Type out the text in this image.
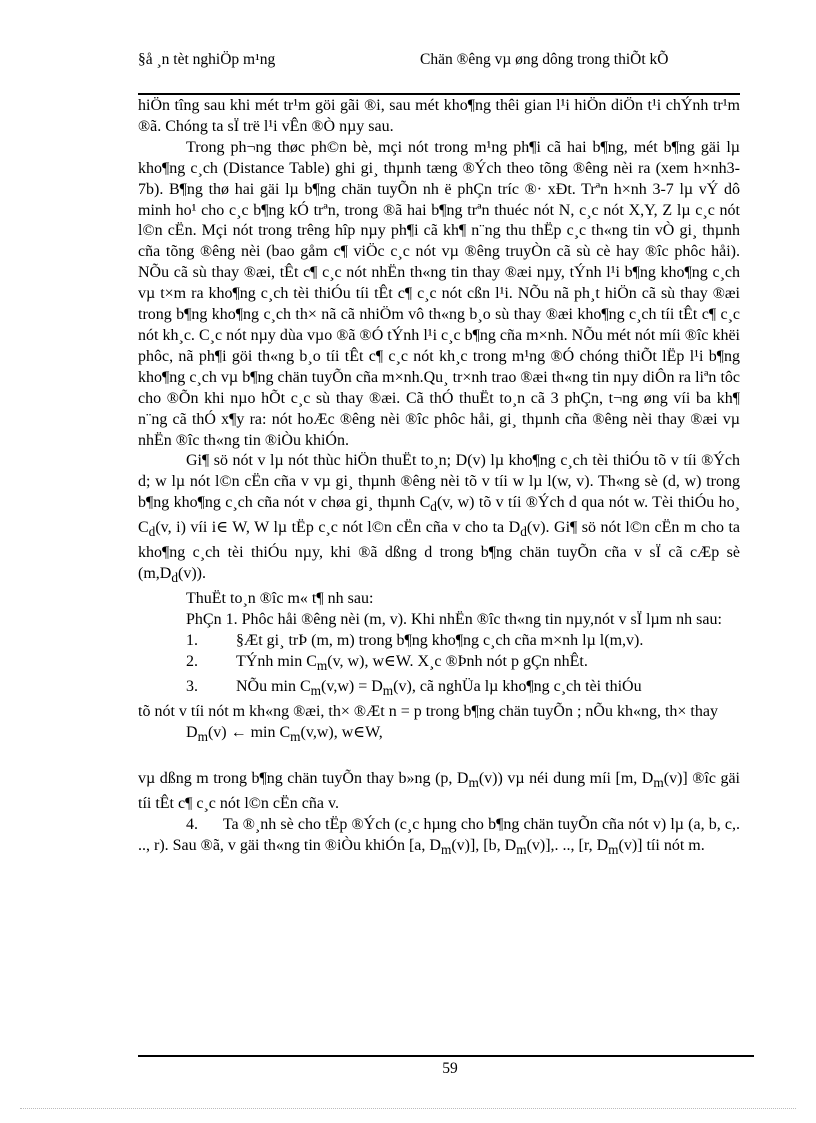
§å ¸n tèt nghiÖp m¹ng	Chän ®êng vµ øng dông trong thiÕt kÕ

hiÖn tîng sau khi mét tr¹m göi gãi ®i, sau mét kho¶ng thêi gian l¹i hiÖn diÖn t¹i chÝnh tr¹m ®ã. Chóng ta sÏ trë l¹i vÊn ®Ò nµy sau.

Trong ph¬ng thøc ph©n bè, mçi nót trong m¹ng ph¶i cã hai b¶ng, mét b¶ng gäi lµ kho¶ng c¸ch (Distance Table) ghi gi¸ thµnh tæng ®Ých theo tõng ®êng nèi ra (xem h×nh3-7b). B¶ng thø hai gäi lµ b¶ng chän tuyÕn nh ë phÇn tríc ®· xÐt. Trªn h×nh 3-7 lµ vÝ dô minh ho¹ cho c¸c b¶ng kÓ trªn, trong ®ã hai b¶ng trªn thuéc nót N, c¸c nót X,Y, Z lµ c¸c nót l©n cËn. Mçi nót trong trêng hîp nµy ph¶i cã kh¶ n¨ng thu thËp c¸c th«ng tin vÒ gi¸ thµnh cña tõng ®êng nèi (bao gåm c¶ viÖc c¸c nót vµ ®êng truyÒn cã sù cè hay ®îc phôc håi). NÕu cã sù thay ®æi, tÊt c¶ c¸c nót nhËn th«ng tin thay ®æi nµy, tÝnh l¹i b¶ng kho¶ng c¸ch vµ t×m ra kho¶ng c¸ch tèi thiÓu tíi tÊt c¶ c¸c nót cßn l¹i. NÕu nã ph¸t hiÖn cã sù thay ®æi trong b¶ng kho¶ng c¸ch th× nã cã nhiÖm vô th«ng b¸o sù thay ®æi kho¶ng c¸ch tíi tÊt c¶ c¸c nót kh¸c. C¸c nót nµy dùa vµo ®ã ®Ó tÝnh l¹i c¸c b¶ng cña m×nh. NÕu mét nót míi ®îc khëi phôc, nã ph¶i göi th«ng b¸o tíi tÊt c¶ c¸c nót kh¸c trong m¹ng ®Ó chóng thiÕt lËp l¹i b¶ng kho¶ng c¸ch vµ b¶ng chän tuyÕn cña m×nh.Qu¸ tr×nh trao ®æi th«ng tin nµy diÔn ra liªn tôc cho ®Õn khi nµo hÕt c¸c sù thay ®æi. Cã thÓ thuËt to¸n cã 3 phÇn, t¬ng øng víi ba kh¶ n¨ng cã thÓ x¶y ra: nót hoÆc ®êng nèi ®îc phôc håi, gi¸ thµnh cña ®êng nèi thay ®æi vµ nhËn ®îc th«ng tin ®iÒu khiÓn.

Gi¶ sö nót v lµ nót thùc hiÖn thuËt to¸n; D(v) lµ kho¶ng c¸ch tèi thiÓu tõ v tíi ®Ých d; w lµ nót l©n cËn cña v vµ gi¸ thµnh ®êng nèi tõ v tíi w lµ l(w, v). Th«ng sè (d, w) trong b¶ng kho¶ng c¸ch cña nót v chøa gi¸ thµnh $C_d(v$, w) tõ v tíi ®Ých d qua nót w. Tèi thiÓu ho¸ $C_d(v$, i) víi i∈ W, W lµ tËp c¸c nót l©n cËn cña v cho ta $D_d(v)$. Gi¶ sö nót l©n cËn m cho ta kho¶ng c¸ch tèi thiÓu nµy, khi ®ã dßng d trong b¶ng chän tuyÕn cña v sÏ cã cÆp sè $(m,D_d(v))$.

ThuËt to¸n ®îc m« t¶ nh sau:

PhÇn 1. Phôc håi ®êng nèi (m, v). Khi nhËn ®îc th«ng tin nµy,nót v sÏ lµm nh sau:

1.	§Æt gi¸ trÞ (m, m) trong b¶ng kho¶ng c¸ch cña m×nh lµ l(m,v).
2.	TÝnh $\min C_m(v$, w), w∈W. X¸c ®Þnh nót p gÇn nhÊt.
3.	NÕu $\min C_m(v,w) = D_m(v)$, cã nghÜa lµ kho¶ng c¸ch tèi thiÓu

tõ nót v tíi nót m kh«ng ®æi, th× ®Æt n = p trong b¶ng chän tuyÕn ; nÕu kh«ng, th× thay

$D_m(v)$ ← $\min C_m(v,w)$, w∈W,

vµ dßng m trong b¶ng chän tuyÕn thay b»ng (p, $D_m(v)$) vµ néi dung míi [m, $D_m(v)$] ®îc gäi tíi tÊt c¶ c¸c nót l©n cËn cña v.

4. Ta ®¸nh sè cho tËp ®Ých (c¸c hµng cho b¶ng chän tuyÕn cña nót v) lµ (a, b, c,. .., r). Sau ®ã, v gäi th«ng tin ®iÒu khiÓn [a, $D_m(v)$], [b, $D_m(v)$],. .., [r, $D_m(v)$] tíi nót m.

59
